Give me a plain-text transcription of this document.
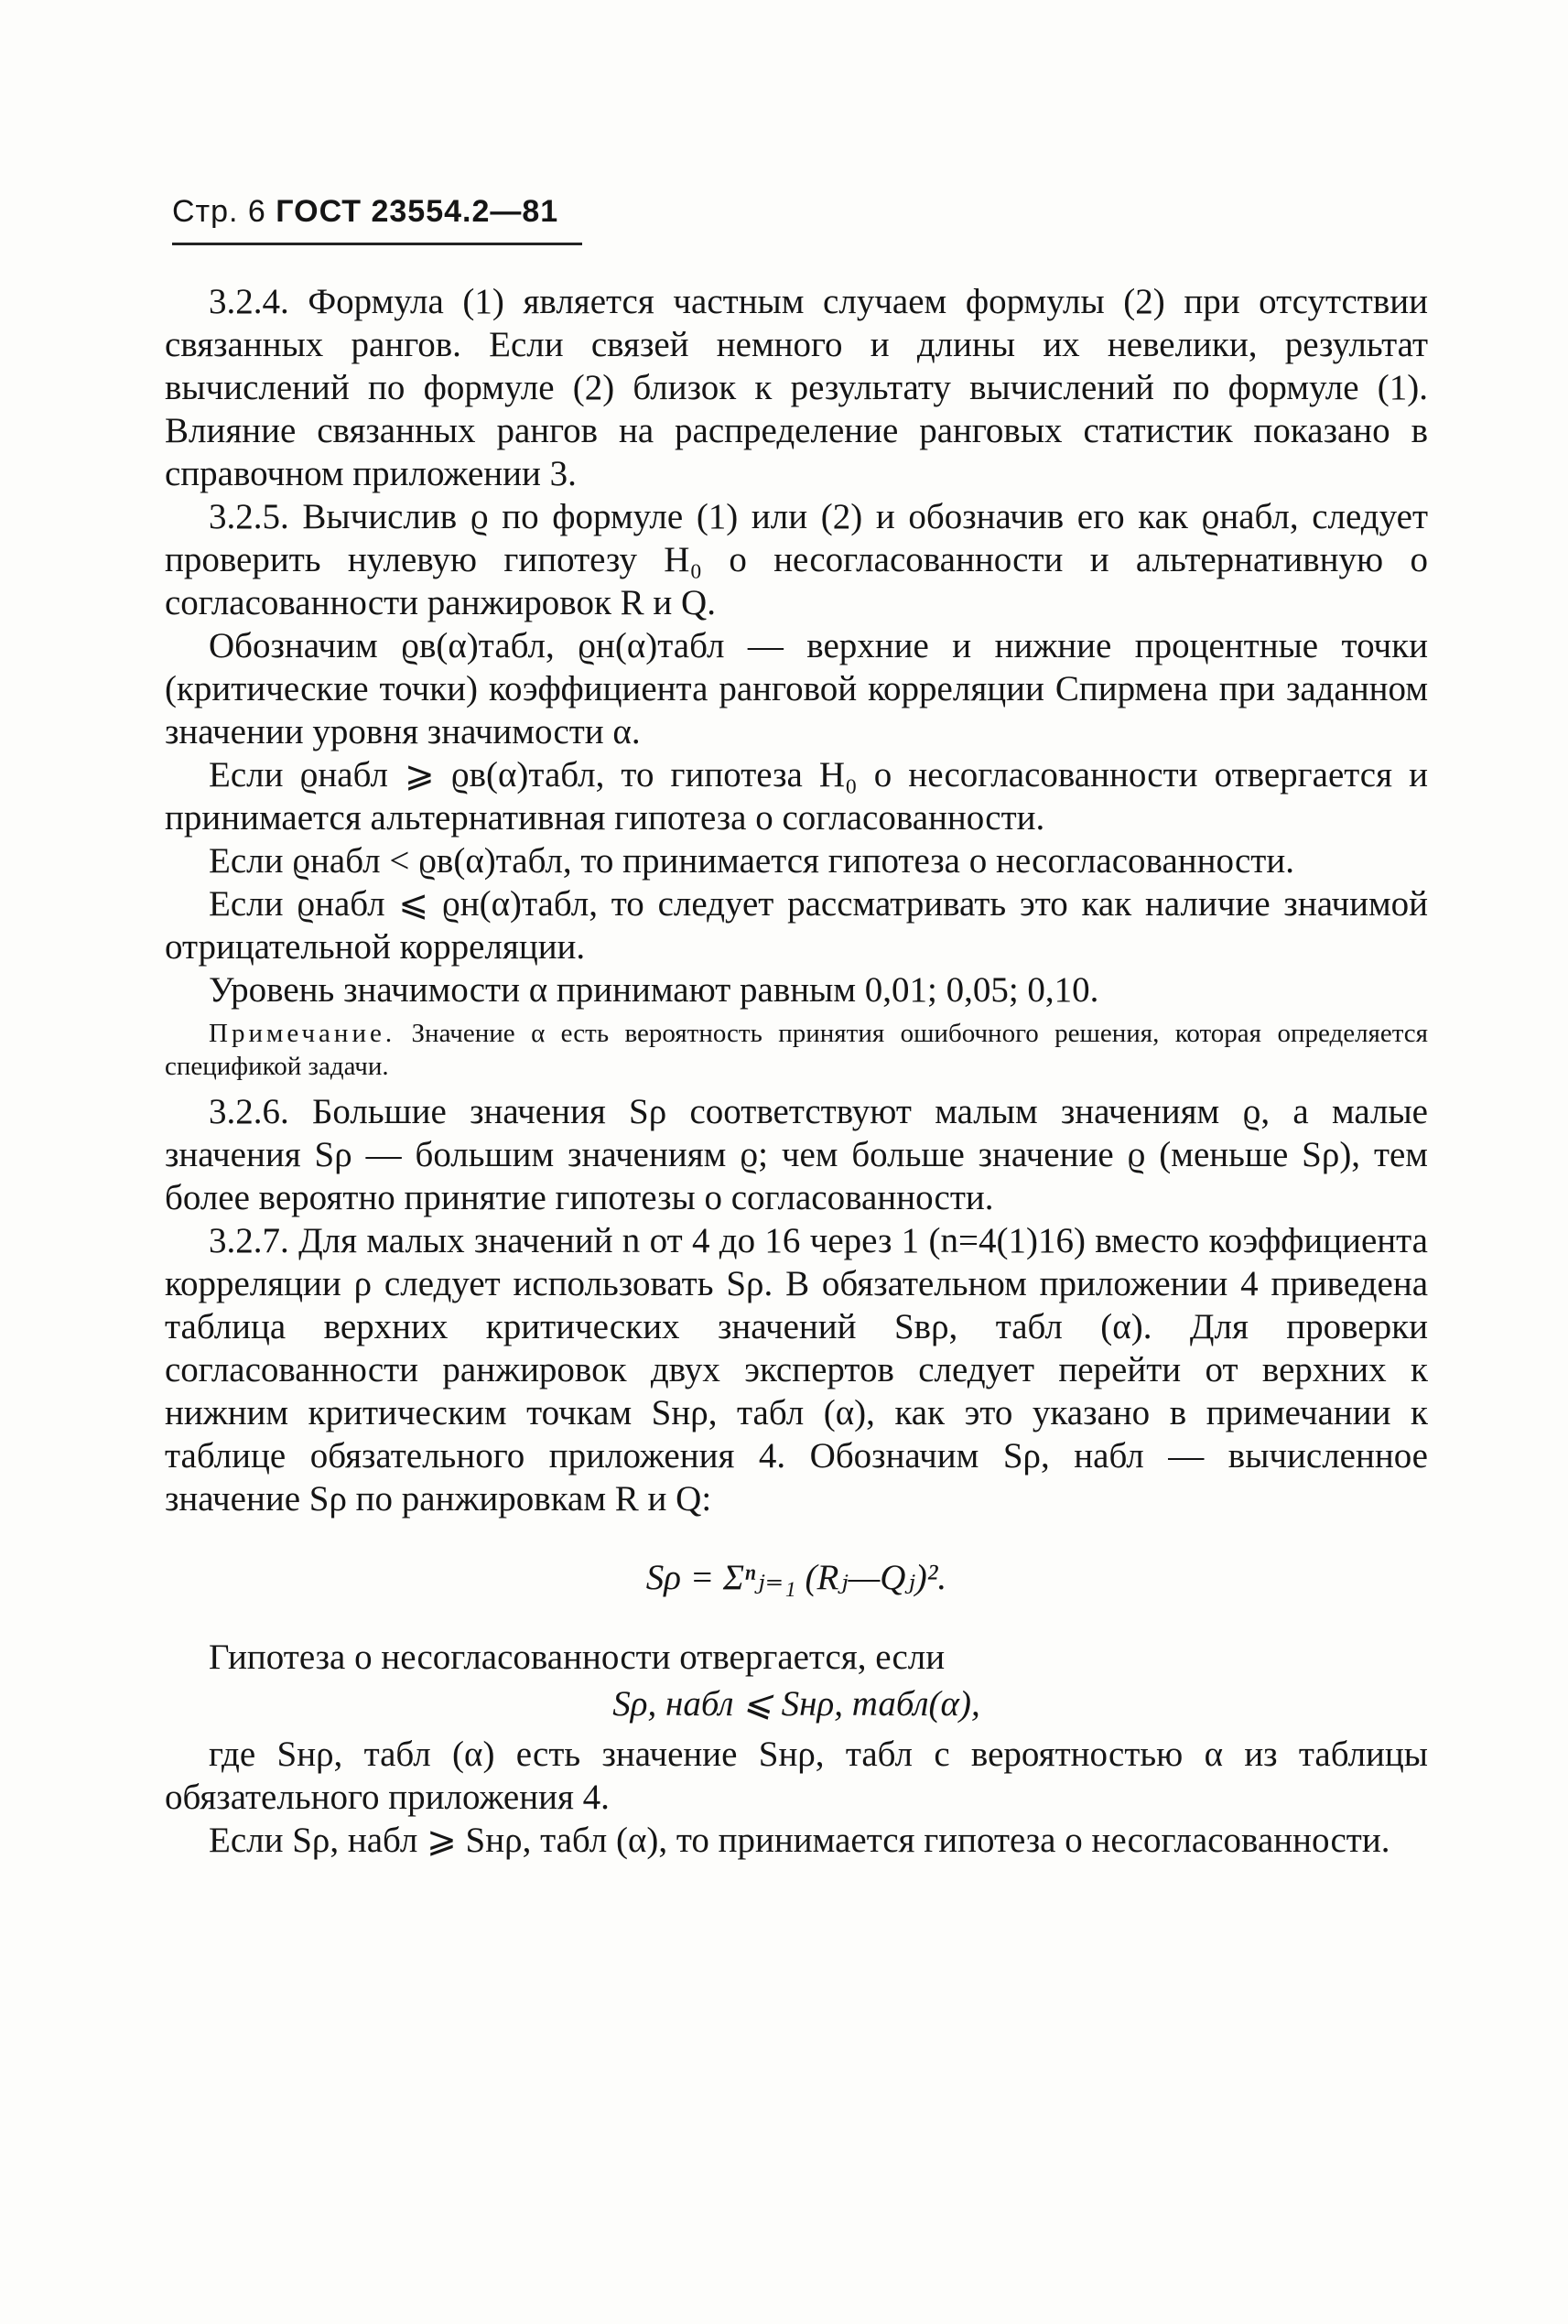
Стр. 6 ГОСТ 23554.2—81

3.2.4. Формула (1) является частным случаем формулы (2) при отсутствии связанных рангов. Если связей немного и длины их невелики, результат вычислений по формуле (2) близок к результату вычислений по формуле (1). Влияние связанных рангов на распределение ранговых статистик показано в справочном приложении 3.

3.2.5. Вычислив ϱ по формуле (1) или (2) и обозначив его как ϱнабл, следует проверить нулевую гипотезу H₀ о несогласованности и альтернативную о согласованности ранжировок R и Q.

Обозначим ϱв(α)табл, ϱн(α)табл — верхние и нижние процентные точки (критические точки) коэффициента ранговой корреляции Спирмена при заданном значении уровня значимости α.

Если ϱнабл ⩾ ϱв(α)табл, то гипотеза H₀ о несогласованности отвергается и принимается альтернативная гипотеза о согласованности.

Если ϱнабл < ϱв(α)табл, то принимается гипотеза о несогласованности.

Если ϱнабл ⩽ ϱн(α)табл, то следует рассматривать это как наличие значимой отрицательной корреляции.

Уровень значимости α принимают равным 0,01; 0,05; 0,10.

Примечание. Значение α есть вероятность принятия ошибочного решения, которая определяется спецификой задачи.

3.2.6. Большие значения Sρ соответствуют малым значениям ϱ, а малые значения Sρ — большим значениям ϱ; чем больше значение ϱ (меньше Sρ), тем более вероятно принятие гипотезы о согласованности.

3.2.7. Для малых значений n от 4 до 16 через 1 (n=4(1)16) вместо коэффициента корреляции ρ следует использовать Sρ. В обязательном приложении 4 приведена таблица верхних критических значений Sвρ, табл (α). Для проверки согласованности ранжировок двух экспертов следует перейти от верхних к нижним критическим точкам Sнρ, табл (α), как это указано в примечании к таблице обязательного приложения 4. Обозначим Sρ, набл — вычисленное значение Sρ по ранжировкам R и Q:

Sρ = Σⁿⱼ₌₁ (Rⱼ—Qⱼ)².

Гипотеза о несогласованности отвергается, если

Sρ, набл ⩽ Sнρ, табл(α),

где Sнρ, табл (α) есть значение Sнρ, табл с вероятностью α из таблицы обязательного приложения 4.

Если Sρ, набл ⩾ Sнρ, табл (α), то принимается гипотеза о несогласованности.
